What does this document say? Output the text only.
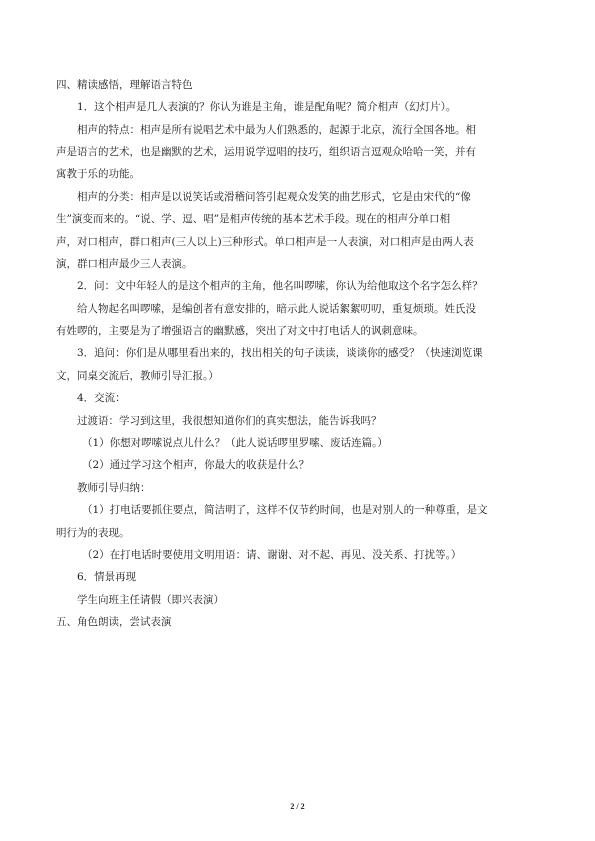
四、精读感悟，理解语言特色
1．这个相声是几人表演的？你认为谁是主角，谁是配角呢？简介相声（幻灯片）。
相声的特点：相声是所有说唱艺术中最为人们熟悉的，起源于北京，流行全国各地。相
声是语言的艺术，也是幽默的艺术，运用说学逗唱的技巧，组织语言逗观众哈哈一笑，并有
寓教于乐的功能。
相声的分类：相声是以说笑话或滑稽问答引起观众发笑的曲艺形式，它是由宋代的“像
生”演变而来的。“说、学、逗、唱”是相声传统的基本艺术手段。现在的相声分单口相
声，对口相声，群口相声(三人以上)三种形式。单口相声是一人表演，对口相声是由两人表
演，群口相声最少三人表演。
2．问：文中年轻人的是这个相声的主角，他名叫啰嗦，你认为给他取这个名字怎么样？
给人物起名叫啰嗦，是编创者有意安排的，暗示此人说话絮絮叨叨，重复烦琐。姓氏没
有姓啰的，主要是为了增强语言的幽默感，突出了对文中打电话人的讽刺意味。
3．追问：你们是从哪里看出来的，找出相关的句子读读，谈谈你的感受？（快速浏览课
文，同桌交流后，教师引导汇报。）
4．交流：
过渡语：学习到这里，我很想知道你们的真实想法，能告诉我吗？
（1）你想对啰嗦说点儿什么？（此人说话啰里罗嗦、废话连篇。）
（2）通过学习这个相声，你最大的收获是什么？
教师引导归纳：
（1）打电话要抓住要点，简洁明了，这样不仅节约时间，也是对别人的一种尊重，是文
明行为的表现。
（2）在打电话时要使用文明用语：请、谢谢、对不起、再见、没关系、打扰等。）
6．情景再现
学生向班主任请假（即兴表演）
五、角色朗读，尝试表演
2 / 2
